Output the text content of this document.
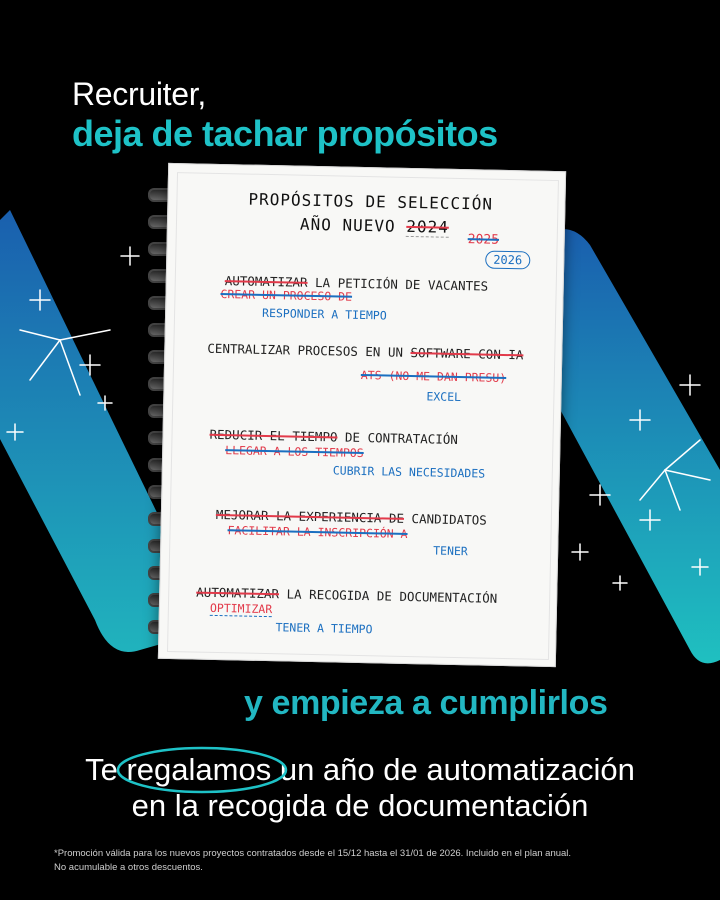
Recruiter,
deja de tachar propósitos
PROPÓSITOS DE SELECCIÓN
AÑO NUEVO 2024
2025
2026
AUTOMATIZAR LA PETICIÓN DE VACANTES
CREAR UN PROCESO DE
RESPONDER A TIEMPO
CENTRALIZAR PROCESOS EN UN SOFTWARE CON IA
ATS (NO ME DAN PRESU)
EXCEL
REDUCIR EL TIEMPO DE CONTRATACIÓN
LLEGAR A LOS TIEMPOS
CUBRIR LAS NECESIDADES
MEJORAR LA EXPERIENCIA DE CANDIDATOS
FACILITAR LA INSCRIPCIÓN A
TENER
AUTOMATIZAR LA RECOGIDA DE DOCUMENTACIÓN
OPTIMIZAR
TENER A TIEMPO
y empieza a cumplirlos
Te regalamos
un año de automatización
en la recogida de documentación
*Promoción válida para los nuevos proyectos contratados desde el 15/12 hasta el 31/01 de 2026. Incluido en el plan anual.
No acumulable a otros descuentos.
